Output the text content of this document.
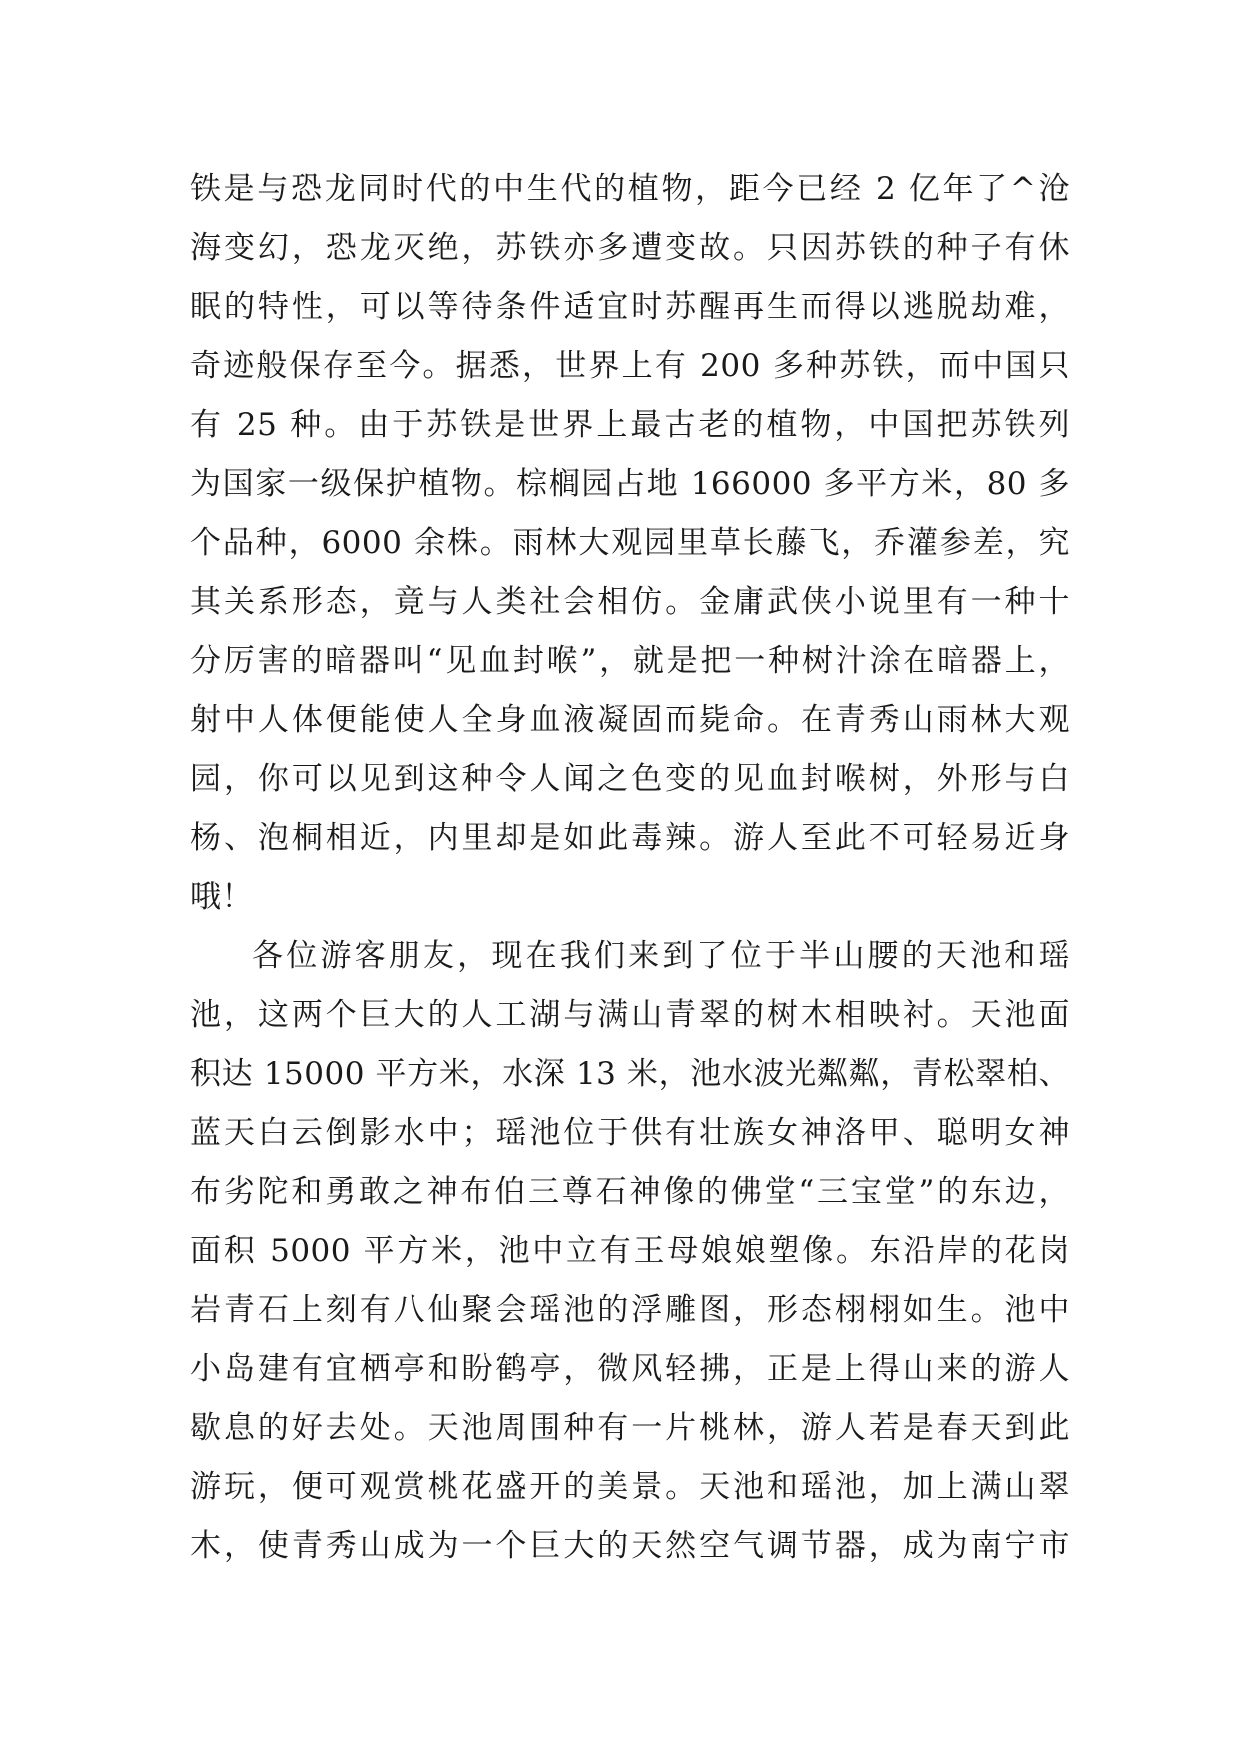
铁是与恐龙同时代的中生代的植物，距今已经 2 亿年了^沧
海变幻，恐龙灭绝，苏铁亦多遭变故。只因苏铁的种子有休
眠的特性，可以等待条件适宜时苏醒再生而得以逃脱劫难，
奇迹般保存至今。据悉，世界上有 200 多种苏铁，而中国只
有 25 种。由于苏铁是世界上最古老的植物，中国把苏铁列
为国家一级保护植物。棕榈园占地 166000 多平方米，80 多
个品种，6000 余株。雨林大观园里草长藤飞，乔灌参差，究
其关系形态，竟与人类社会相仿。金庸武侠小说里有一种十
分厉害的暗器叫“见血封喉”，就是把一种树汁涂在暗器上，
射中人体便能使人全身血液凝固而毙命。在青秀山雨林大观
园，你可以见到这种令人闻之色变的见血封喉树，外形与白
杨、泡桐相近，内里却是如此毒辣。游人至此不可轻易近身
哦！
各位游客朋友，现在我们来到了位于半山腰的天池和瑶
池，这两个巨大的人工湖与满山青翠的树木相映衬。天池面
积达 15000 平方米，水深 13 米，池水波光粼粼，青松翠柏、
蓝天白云倒影水中；瑶池位于供有壮族女神洛甲、聪明女神
布劣陀和勇敢之神布伯三尊石神像的佛堂“三宝堂”的东边，
面积 5000 平方米，池中立有王母娘娘塑像。东沿岸的花岗
岩青石上刻有八仙聚会瑶池的浮雕图，形态栩栩如生。池中
小岛建有宜栖亭和盼鹤亭，微风轻拂，正是上得山来的游人
歇息的好去处。天池周围种有一片桃林，游人若是春天到此
游玩，便可观赏桃花盛开的美景。天池和瑶池，加上满山翠
木，使青秀山成为一个巨大的天然空气调节器，成为南宁市
